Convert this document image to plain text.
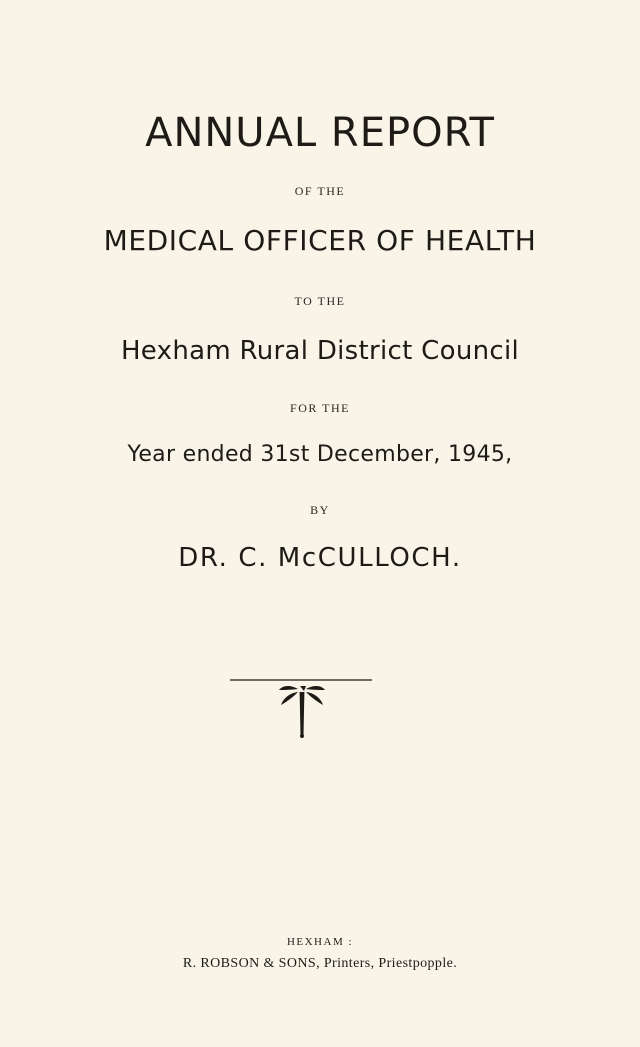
ANNUAL REPORT
OF THE
MEDICAL OFFICER OF HEALTH
TO THE
Hexham Rural District Council
FOR THE
Year ended 31st December, 1945,
BY
DR. C. McCULLOCH.
HEXHAM :
R. ROBSON & SONS, Printers, Priestpopple.
